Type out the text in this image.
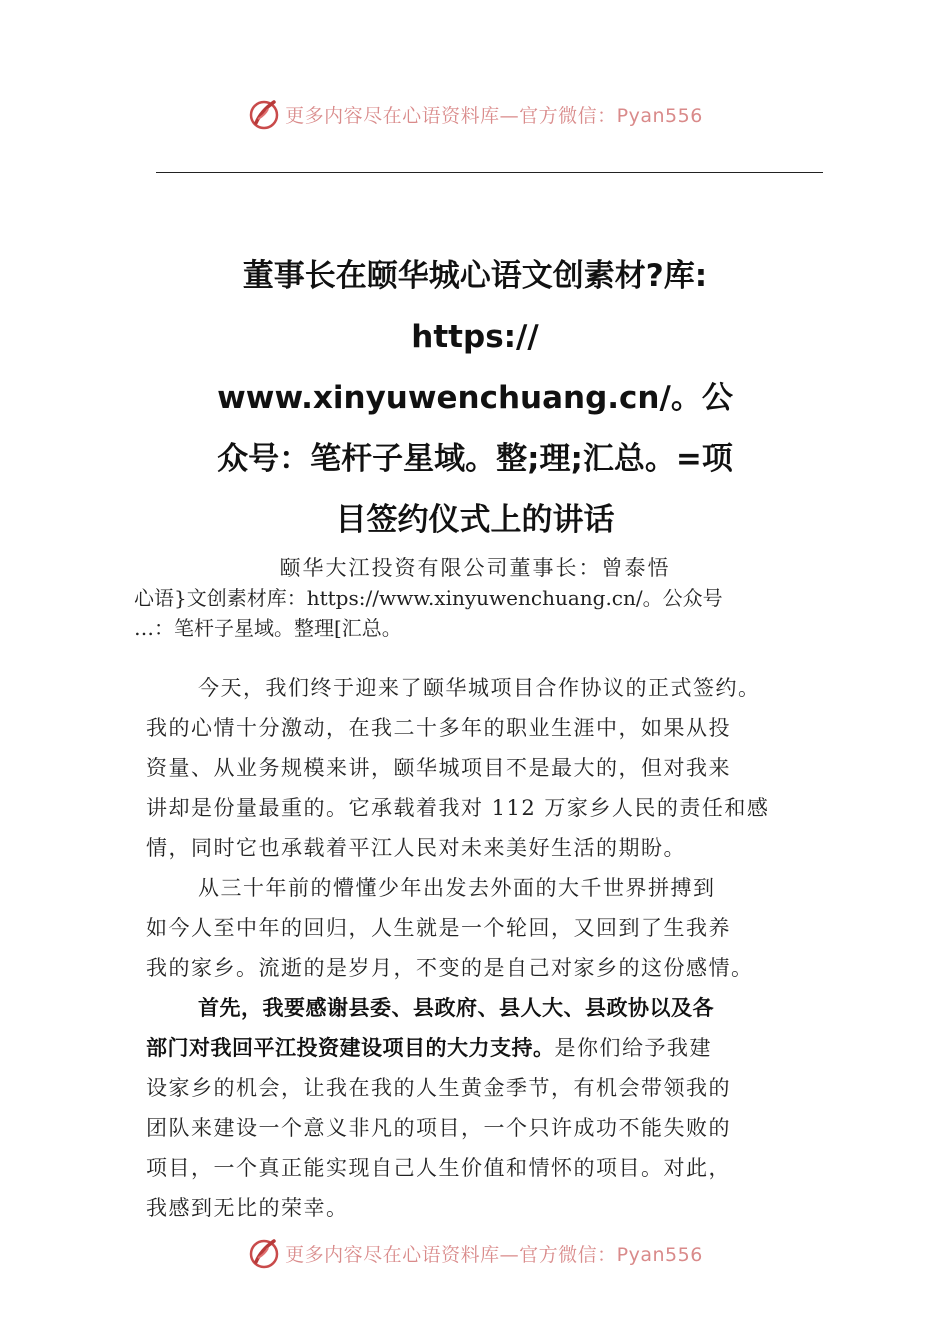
更多内容尽在心语资料库—官方微信：Pyan556
董事长在颐华城心语文创素材?库:
https://
www.xinyuwenchuang.cn/。公
众号：笔杆子星域。整;理;汇总。=项
目签约仪式上的讲话
颐华大江投资有限公司董事长：曾泰悟
心语}文创素材库：https://www.xinyuwenchuang.cn/。公众号
…：笔杆子星域。整理[汇总。
今天，我们终于迎来了颐华城项目合作协议的正式签约。
我的心情十分激动，在我二十多年的职业生涯中，如果从投
资量、从业务规模来讲，颐华城项目不是最大的，但对我来
讲却是份量最重的。它承载着我对 112 万家乡人民的责任和感
情，同时它也承载着平江人民对未来美好生活的期盼。
从三十年前的懵懂少年出发去外面的大千世界拼搏到
如今人至中年的回归，人生就是一个轮回，又回到了生我养
我的家乡。流逝的是岁月，不变的是自己对家乡的这份感情。
首先，我要感谢县委、县政府、县人大、县政协以及各
部门对我回平江投资建设项目的大力支持。是你们给予我建
设家乡的机会，让我在我的人生黄金季节，有机会带领我的
团队来建设一个意义非凡的项目，一个只许成功不能失败的
项目，一个真正能实现自己人生价值和情怀的项目。对此，
我感到无比的荣幸。
更多内容尽在心语资料库—官方微信：Pyan556
